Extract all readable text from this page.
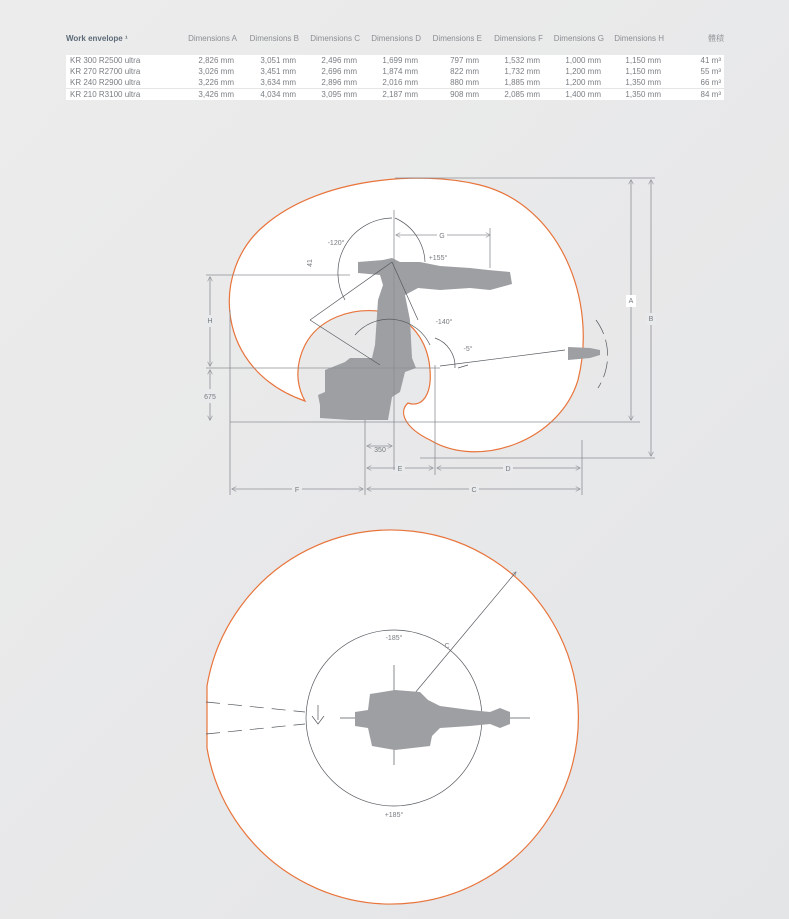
Work envelope ¹	Dimensions A	Dimensions B	Dimensions C	Dimensions D	Dimensions E	Dimensions F	Dimensions G	Dimensions H	體積
KR 300 R2500 ultra	2,826 mm	3,051 mm	2,496 mm	1,699 mm	797 mm	1,532 mm	1,000 mm	1,150 mm	41 m³
KR 270 R2700 ultra	3,026 mm	3,451 mm	2,696 mm	1,874 mm	822 mm	1,732 mm	1,200 mm	1,150 mm	55 m³
KR 240 R2900 ultra	3,226 mm	3,634 mm	2,896 mm	2,016 mm	880 mm	1,885 mm	1,200 mm	1,350 mm	66 m³
KR 210 R3100 ultra	3,426 mm	4,034 mm	3,095 mm	2,187 mm	908 mm	2,085 mm	1,400 mm	1,350 mm	84 m³
A
B
H
675
350
E	D
F	C
G
-120°
+155°
-140°
-5°
41
-185°
+185°
C
